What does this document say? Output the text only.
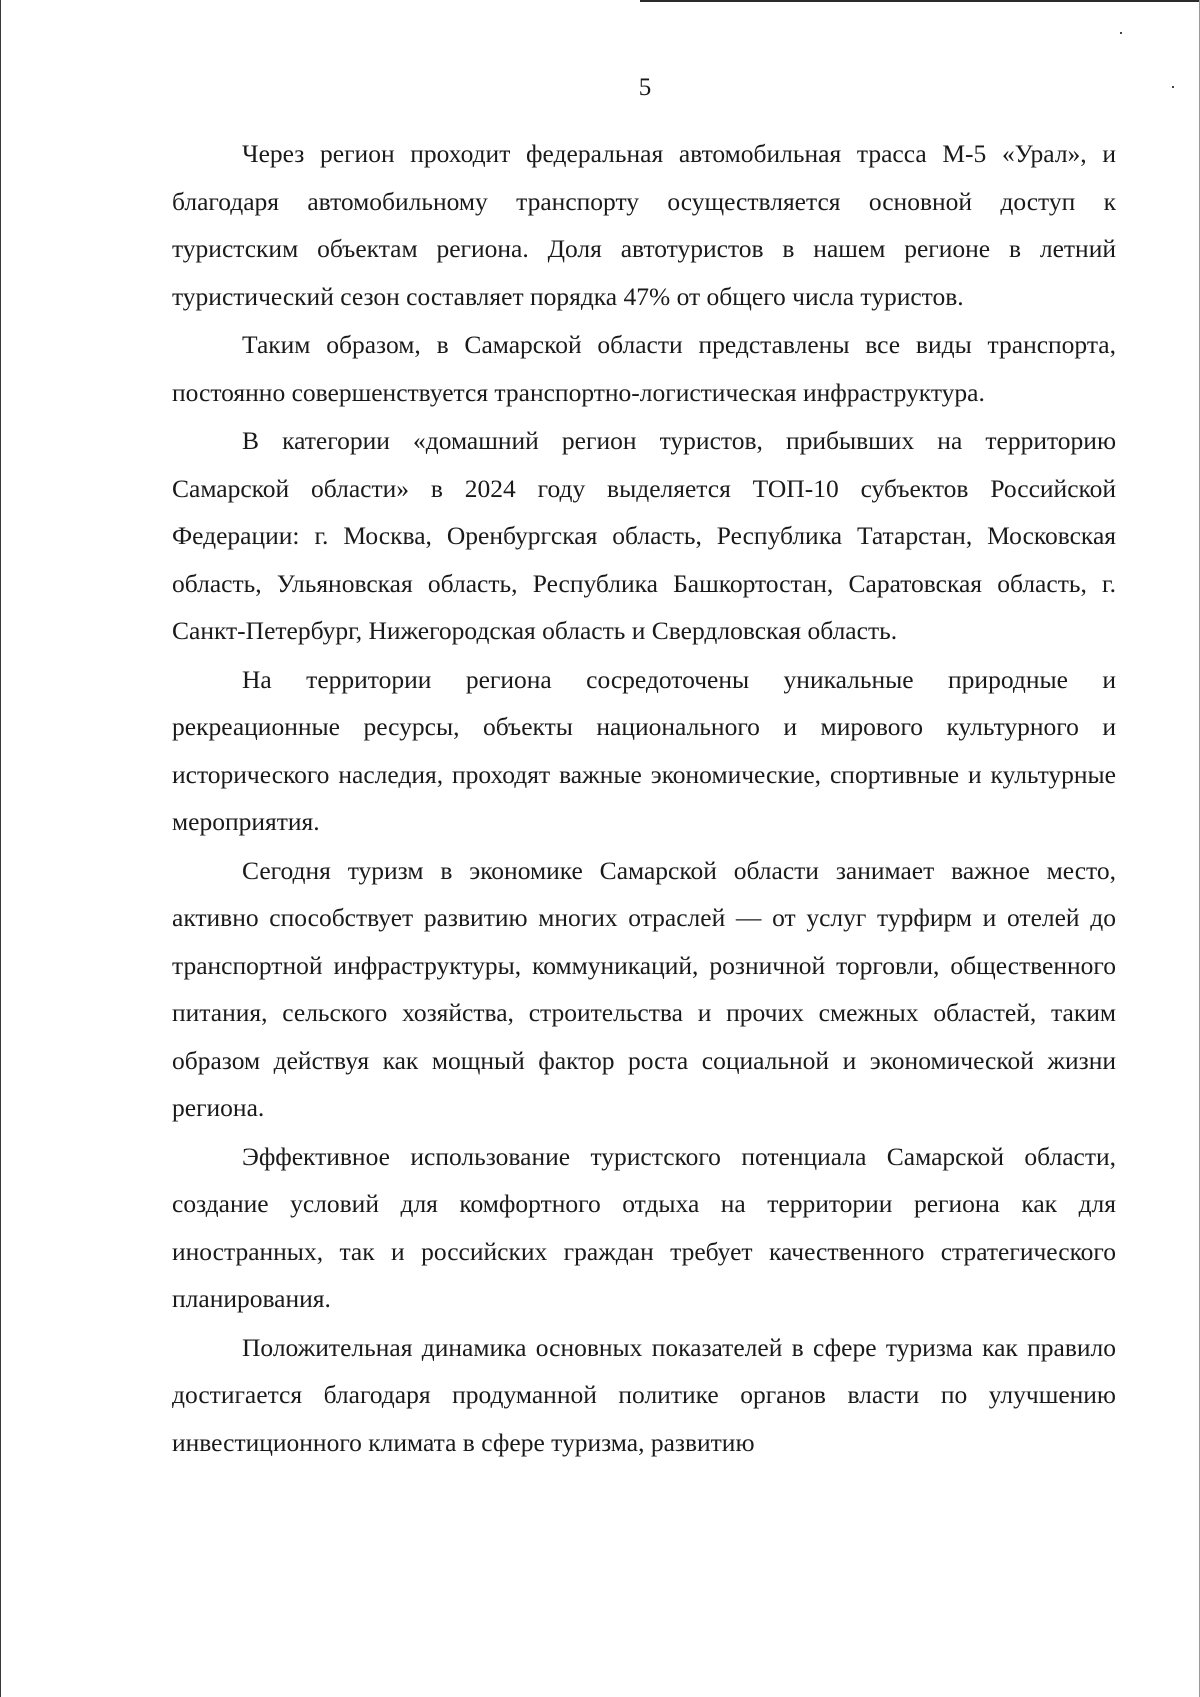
5

Через регион проходит федеральная автомобильная трасса М-5 «Урал», и благодаря автомобильному транспорту осуществляется основной доступ к туристским объектам региона. Доля автотуристов в нашем регионе в летний туристический сезон составляет порядка 47% от общего числа туристов.

Таким образом, в Самарской области представлены все виды транспорта, постоянно совершенствуется транспортно-логистическая инфраструктура.

В категории «домашний регион туристов, прибывших на территорию Самарской области» в 2024 году выделяется ТОП-10 субъектов Российской Федерации: г. Москва, Оренбургская область, Республика Татарстан, Московская область, Ульяновская область, Республика Башкортостан, Саратовская область, г. Санкт-Петербург, Нижегородская область и Свердловская область.

На территории региона сосредоточены уникальные природные и рекреационные ресурсы, объекты национального и мирового культурного и исторического наследия, проходят важные экономические, спортивные и культурные мероприятия.

Сегодня туризм в экономике Самарской области занимает важное место, активно способствует развитию многих отраслей — от услуг турфирм и отелей до транспортной инфраструктуры, коммуникаций, розничной торговли, общественного питания, сельского хозяйства, строительства и прочих смежных областей, таким образом действуя как мощный фактор роста социальной и экономической жизни региона.

Эффективное использование туристского потенциала Самарской области, создание условий для комфортного отдыха на территории региона как для иностранных, так и российских граждан требует качественного стратегического планирования.

Положительная динамика основных показателей в сфере туризма как правило достигается благодаря продуманной политике органов власти по улучшению инвестиционного климата в сфере туризма, развитию
